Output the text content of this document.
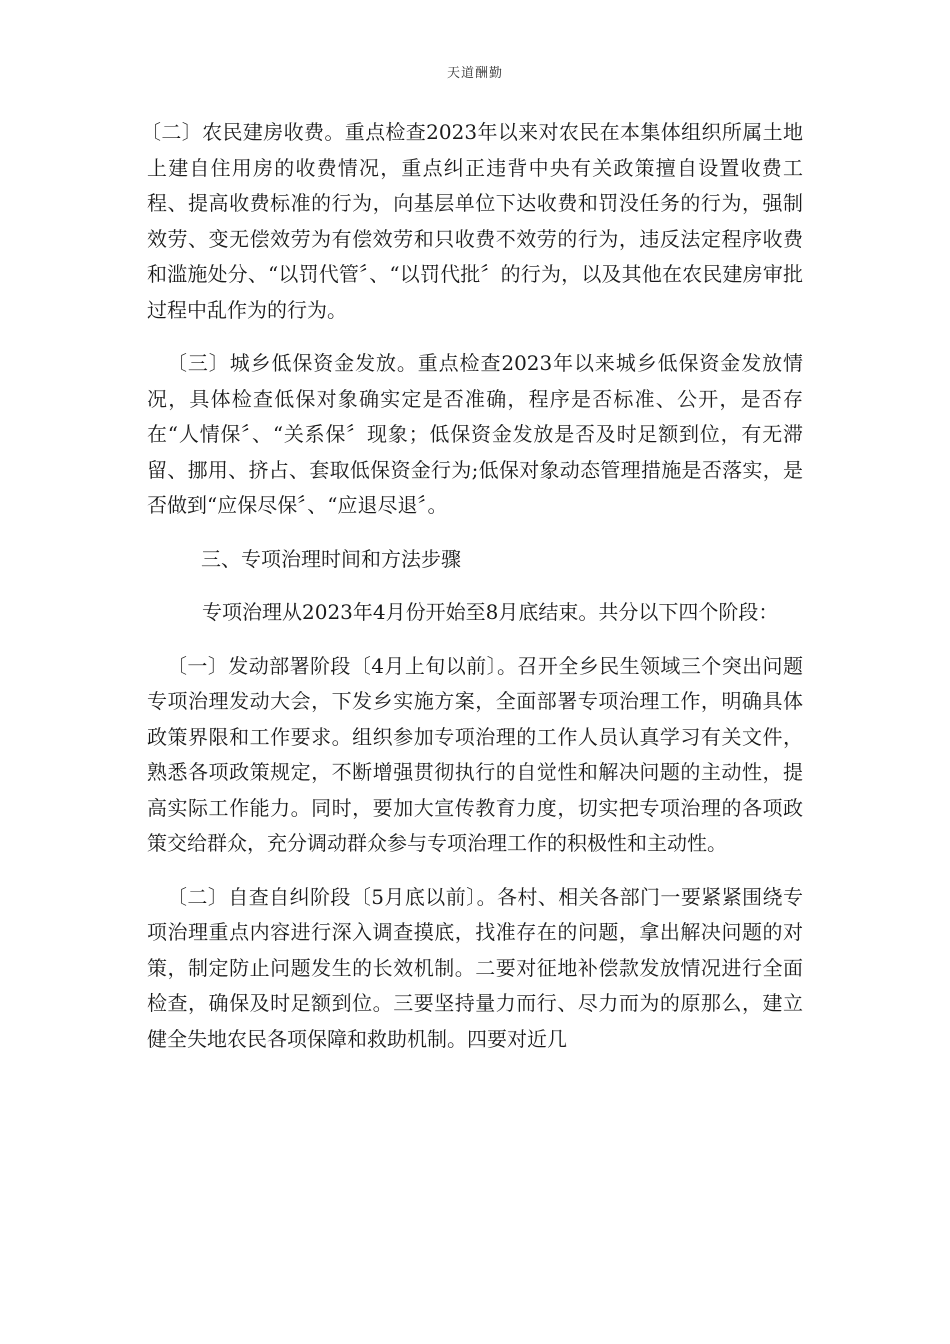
天道酬勤

〔二〕农民建房收费。重点检查2023年以来对农民在本集体组织所属土地上建自住用房的收费情况，重点纠正违背中央有关政策擅自设置收费工程、提高收费标准的行为，向基层单位下达收费和罚没任务的行为，强制效劳、变无偿效劳为有偿效劳和只收费不效劳的行为，违反法定程序收费和滥施处分、“以罚代管〞、“以罚代批〞的行为，以及其他在农民建房审批过程中乱作为的行为。

〔三〕城乡低保资金发放。重点检查2023年以来城乡低保资金发放情况，具体检查低保对象确实定是否准确，程序是否标准、公开，是否存在“人情保〞、“关系保〞现象；低保资金发放是否及时足额到位，有无滞留、挪用、挤占、套取低保资金行为;低保对象动态管理措施是否落实，是否做到“应保尽保〞、“应退尽退〞。

三、专项治理时间和方法步骤

专项治理从2023年4月份开始至8月底结束。共分以下四个阶段：

〔一〕发动部署阶段〔4月上旬以前〕。召开全乡民生领域三个突出问题专项治理发动大会，下发乡实施方案，全面部署专项治理工作，明确具体政策界限和工作要求。组织参加专项治理的工作人员认真学习有关文件，熟悉各项政策规定，不断增强贯彻执行的自觉性和解决问题的主动性，提高实际工作能力。同时，要加大宣传教育力度，切实把专项治理的各项政策交给群众，充分调动群众参与专项治理工作的积极性和主动性。

〔二〕自查自纠阶段〔5月底以前〕。各村、相关各部门一要紧紧围绕专项治理重点内容进行深入调查摸底，找准存在的问题，拿出解决问题的对策，制定防止问题发生的长效机制。二要对征地补偿款发放情况进行全面检查，确保及时足额到位。三要坚持量力而行、尽力而为的原那么，建立健全失地农民各项保障和救助机制。四要对近几
